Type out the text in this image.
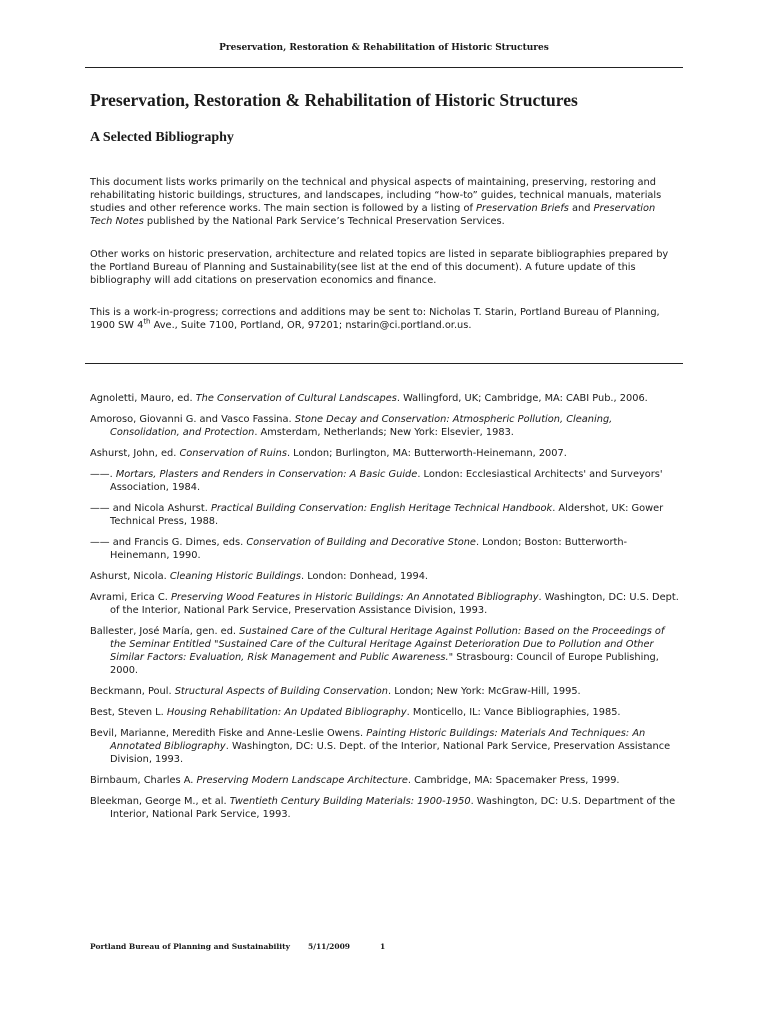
Preservation, Restoration & Rehabilitation of Historic Structures
Preservation, Restoration & Rehabilitation of Historic Structures
A Selected Bibliography

This document lists works primarily on the technical and physical aspects of maintaining, preserving, restoring and rehabilitating historic buildings, structures, and landscapes, including “how-to” guides, technical manuals, materials studies and other reference works. The main section is followed by a listing of Preservation Briefs and Preservation Tech Notes published by the National Park Service’s Technical Preservation Services.

Other works on historic preservation, architecture and related topics are listed in separate bibliographies prepared by the Portland Bureau of Planning and Sustainability(see list at the end of this document). A future update of this bibliography will add citations on preservation economics and finance.

This is a work-in-progress; corrections and additions may be sent to: Nicholas T. Starin, Portland Bureau of Planning, 1900 SW 4th Ave., Suite 7100, Portland, OR, 97201; nstarin@ci.portland.or.us.

Agnoletti, Mauro, ed. The Conservation of Cultural Landscapes. Wallingford, UK; Cambridge, MA: CABI Pub., 2006.

Amoroso, Giovanni G. and Vasco Fassina. Stone Decay and Conservation: Atmospheric Pollution, Cleaning, Consolidation, and Protection. Amsterdam, Netherlands; New York: Elsevier, 1983.

Ashurst, John, ed. Conservation of Ruins. London; Burlington, MA: Butterworth-Heinemann, 2007.

——. Mortars, Plasters and Renders in Conservation: A Basic Guide. London: Ecclesiastical Architects' and Surveyors' Association, 1984.

—— and Nicola Ashurst. Practical Building Conservation: English Heritage Technical Handbook. Aldershot, UK: Gower Technical Press, 1988.

—— and Francis G. Dimes, eds. Conservation of Building and Decorative Stone. London; Boston: Butterworth-Heinemann, 1990.

Ashurst, Nicola. Cleaning Historic Buildings. London: Donhead, 1994.

Avrami, Erica C. Preserving Wood Features in Historic Buildings: An Annotated Bibliography. Washington, DC: U.S. Dept. of the Interior, National Park Service, Preservation Assistance Division, 1993.

Ballester, José María, gen. ed. Sustained Care of the Cultural Heritage Against Pollution: Based on the Proceedings of the Seminar Entitled "Sustained Care of the Cultural Heritage Against Deterioration Due to Pollution and Other Similar Factors: Evaluation, Risk Management and Public Awareness." Strasbourg: Council of Europe Publishing, 2000.

Beckmann, Poul. Structural Aspects of Building Conservation. London; New York: McGraw-Hill, 1995.

Best, Steven L. Housing Rehabilitation: An Updated Bibliography. Monticello, IL: Vance Bibliographies, 1985.

Bevil, Marianne, Meredith Fiske and Anne-Leslie Owens. Painting Historic Buildings: Materials And Techniques: An Annotated Bibliography. Washington, DC: U.S. Dept. of the Interior, National Park Service, Preservation Assistance Division, 1993.

Birnbaum, Charles A. Preserving Modern Landscape Architecture. Cambridge, MA: Spacemaker Press, 1999.

Bleekman, George M., et al. Twentieth Century Building Materials: 1900-1950. Washington, DC: U.S. Department of the Interior, National Park Service, 1993.

Portland Bureau of Planning and Sustainability 5/11/2009	1
